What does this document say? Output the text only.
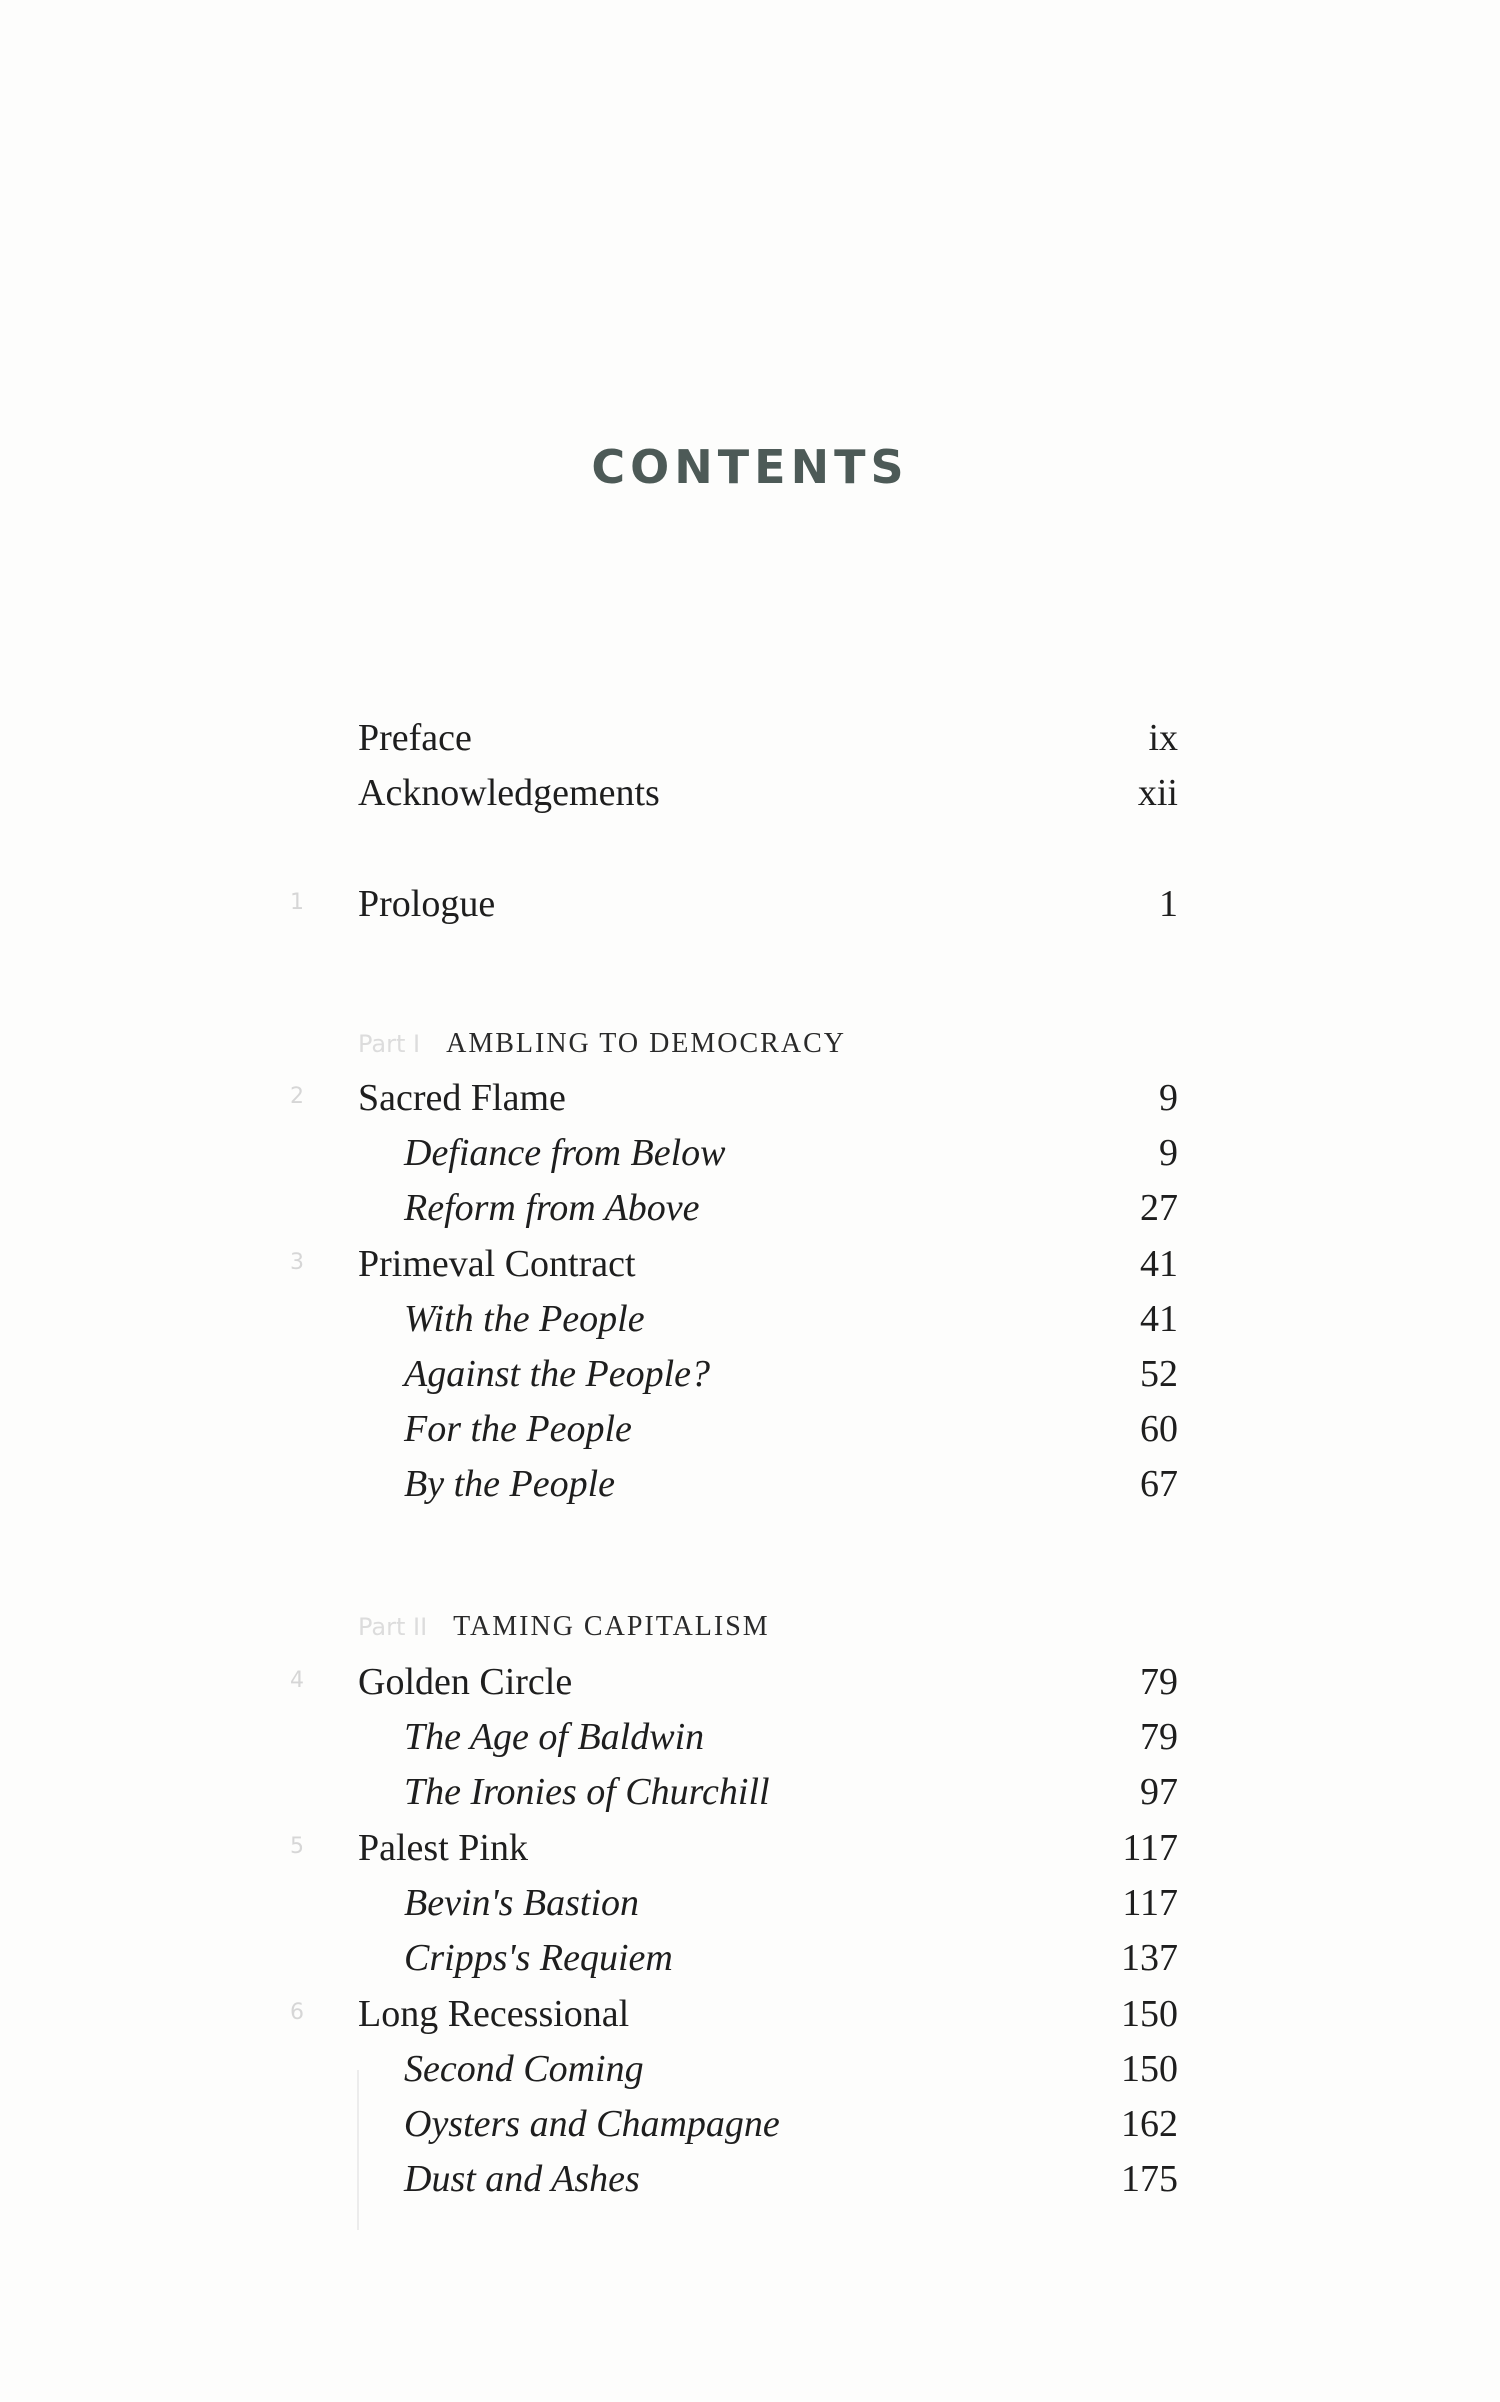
CONTENTS
Preface	ix
Acknowledgements	xii
1 Prologue	1
Part I AMBLING TO DEMOCRACY
2 Sacred Flame	9
Defiance from Below	9
Reform from Above	27
3 Primeval Contract	41
With the People	41
Against the People?	52
For the People	60
By the People	67
Part II TAMING CAPITALISM
4 Golden Circle	79
The Age of Baldwin	79
The Ironies of Churchill	97
5 Palest Pink	117
Bevin's Bastion	117
Cripps's Requiem	137
6 Long Recessional	150
Second Coming	150
Oysters and Champagne	162
Dust and Ashes	175
